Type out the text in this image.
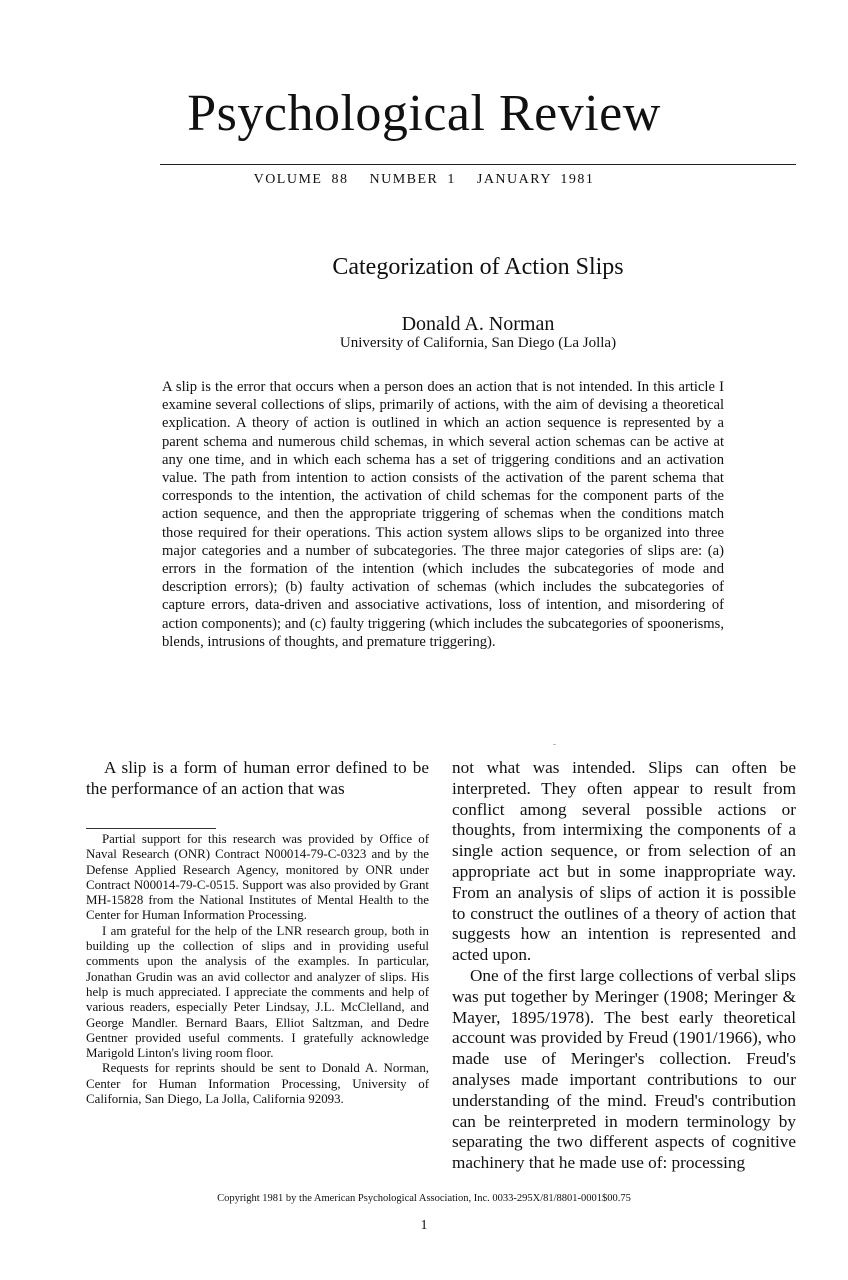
Psychological Review
VOLUME 88 NUMBER 1 JANUARY 1981
Categorization of Action Slips
Donald A. Norman
University of California, San Diego (La Jolla)
A slip is the error that occurs when a person does an action that is not intended. In this article I examine several collections of slips, primarily of actions, with the aim of devising a theoretical explication. A theory of action is outlined in which an action sequence is represented by a parent schema and numerous child schemas, in which several action schemas can be active at any one time, and in which each schema has a set of triggering conditions and an activation value. The path from intention to action consists of the activation of the parent schema that corresponds to the intention, the activation of child schemas for the component parts of the action sequence, and then the appropriate triggering of schemas when the conditions match those required for their operations. This action system allows slips to be organized into three major categories and a number of subcategories. The three major categories of slips are: (a) errors in the formation of the intention (which includes the subcategories of mode and description errors); (b) faulty activation of schemas (which includes the subcategories of capture errors, data-driven and associative activations, loss of intention, and misordering of action components); and (c) faulty triggering (which includes the subcategories of spoonerisms, blends, intrusions of thoughts, and premature triggering).

A slip is a form of human error defined to be the performance of an action that was

Partial support for this research was provided by Office of Naval Research (ONR) Contract N00014-79-C-0323 and by the Defense Applied Research Agency, monitored by ONR under Contract N00014-79-C-0515. Support was also provided by Grant MH-15828 from the National Institutes of Mental Health to the Center for Human Information Processing.

I am grateful for the help of the LNR research group, both in building up the collection of slips and in providing useful comments upon the analysis of the examples. In particular, Jonathan Grudin was an avid collector and analyzer of slips. His help is much appreciated. I appreciate the comments and help of various readers, especially Peter Lindsay, J.L. McClelland, and George Mandler. Bernard Baars, Elliot Saltzman, and Dedre Gentner provided useful comments. I gratefully acknowledge Marigold Linton's living room floor.

Requests for reprints should be sent to Donald A. Norman, Center for Human Information Processing, University of California, San Diego, La Jolla, California 92093.

not what was intended. Slips can often be interpreted. They often appear to result from conflict among several possible actions or thoughts, from intermixing the components of a single action sequence, or from selection of an appropriate act but in some inappropriate way. From an analysis of slips of action it is possible to construct the outlines of a theory of action that suggests how an intention is represented and acted upon.

One of the first large collections of verbal slips was put together by Meringer (1908; Meringer & Mayer, 1895/1978). The best early theoretical account was provided by Freud (1901/1966), who made use of Meringer's collection. Freud's analyses made important contributions to our understanding of the mind. Freud's contribution can be reinterpreted in modern terminology by separating the two different aspects of cognitive machinery that he made use of: processing

Copyright 1981 by the American Psychological Association, Inc. 0033-295X/81/8801-0001$00.75
1
